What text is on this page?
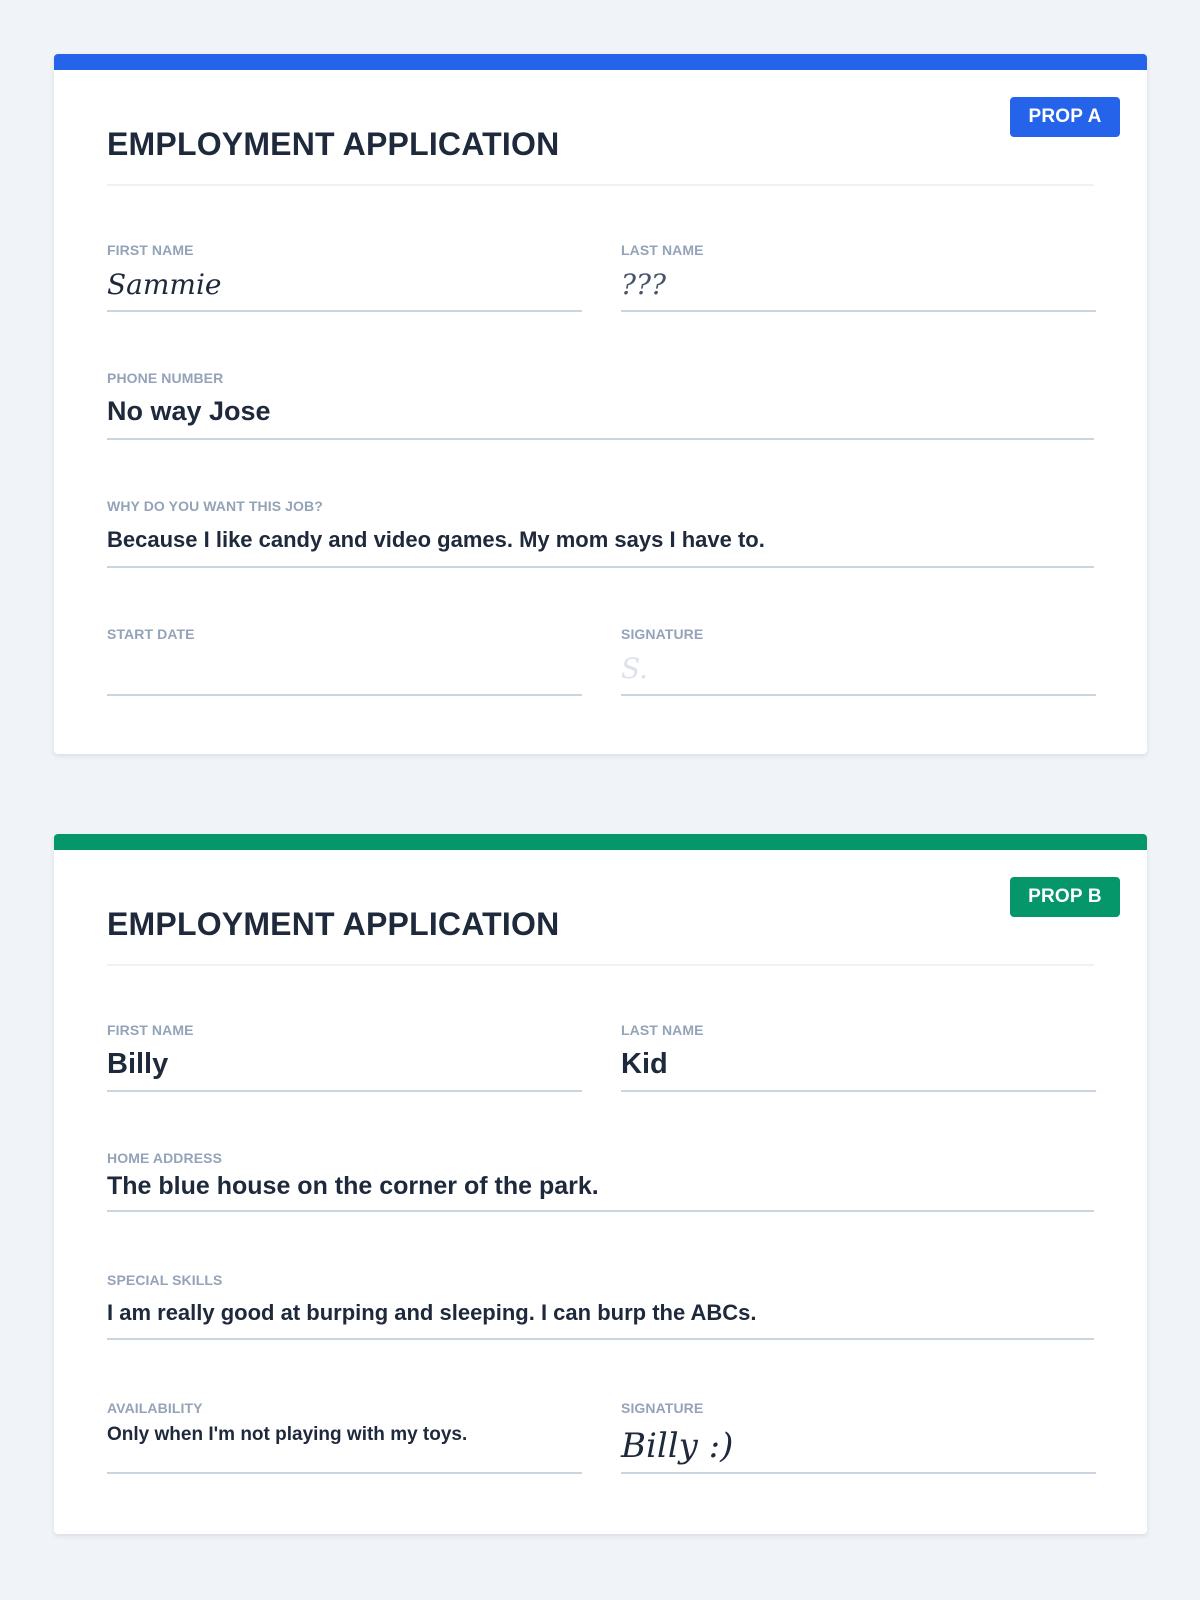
PROP A
EMPLOYMENT APPLICATION
FIRST NAME
Sammie
LAST NAME
???
PHONE NUMBER
No way Jose
WHY DO YOU WANT THIS JOB?
Because I like candy and video games. My mom says I have to.
START DATE	SIGNATURE
S.
PROP B
EMPLOYMENT APPLICATION
FIRST NAME
Billy
LAST NAME
Kid
HOME ADDRESS
The blue house on the corner of the park.
SPECIAL SKILLS
I am really good at burping and sleeping. I can burp the ABCs.
AVAILABILITY
Only when I'm not playing with my toys.
SIGNATURE
Billy :)
